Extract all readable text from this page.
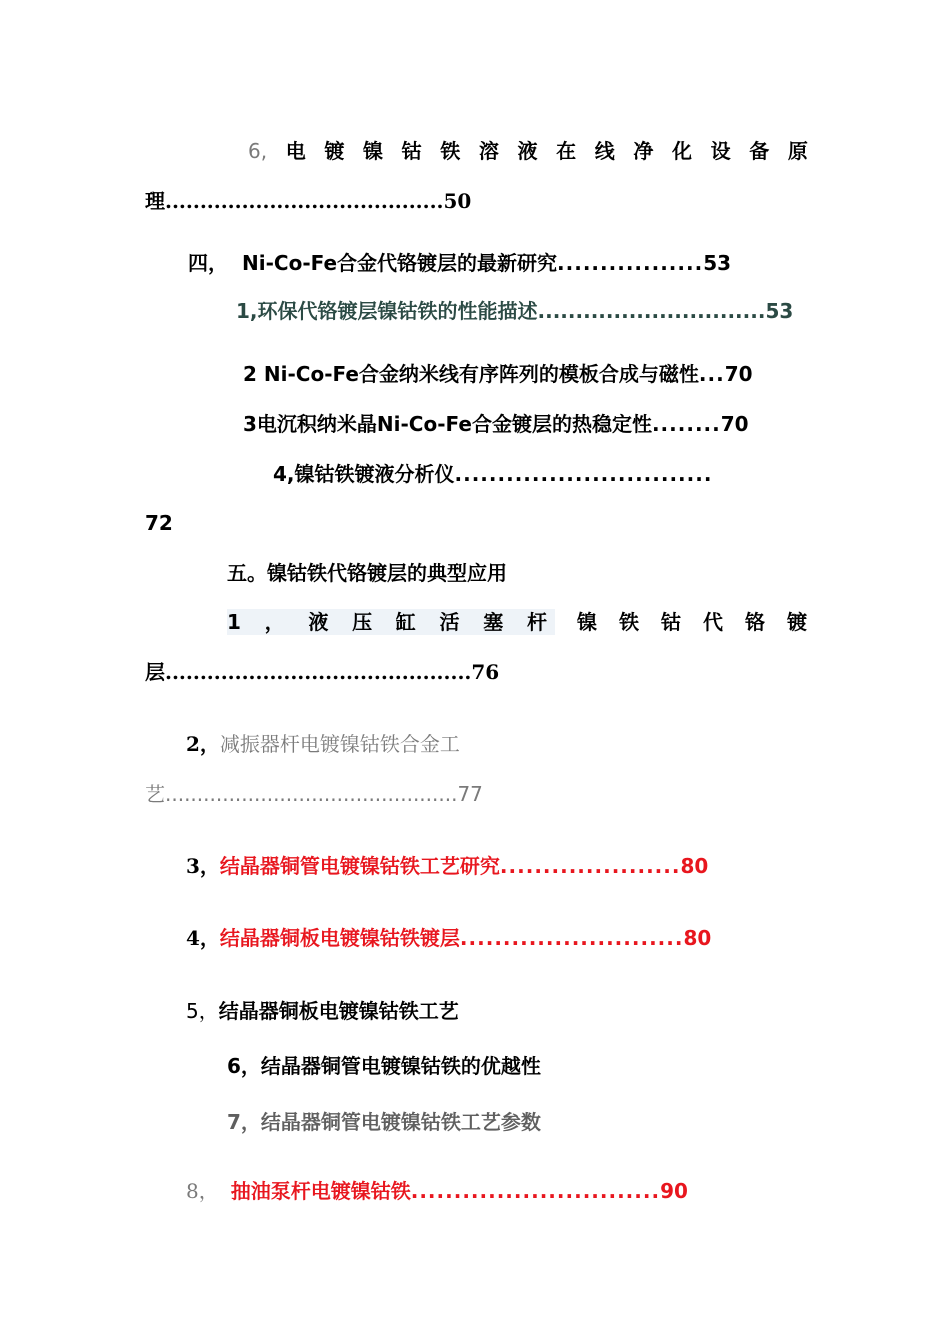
6, 电 镀 镍 钴 铁 溶 液 在 线 净 化 设 备 原
理........................................50
四， Ni-Co-Fe合金代铬镀层的最新研究.................53
1,环保代铬镀层镍钴铁的性能描述..............................53
2 Ni-Co-Fe合金纳米线有序阵列的模板合成与磁性...70
3电沉积纳米晶Ni-Co-Fe合金镀层的热稳定性........70
4,镍钴铁镀液分析仪..............................
72
五。镍钴铁代铬镀层的典型应用
1 ， 液 压 缸 活 塞 杆 镍 铁 钴 代 铬 镀
层............................................76
2，减振器杆电镀镍钴铁合金工
艺..............................................77
3，结晶器铜管电镀镍钴铁工艺研究.....................80
4，结晶器铜板电镀镍钴铁镀层..........................80
5，结晶器铜板电镀镍钴铁工艺
6，结晶器铜管电镀镍钴铁的优越性
7，结晶器铜管电镀镍钴铁工艺参数
8， 抽油泵杆电镀镍钴铁.............................90
